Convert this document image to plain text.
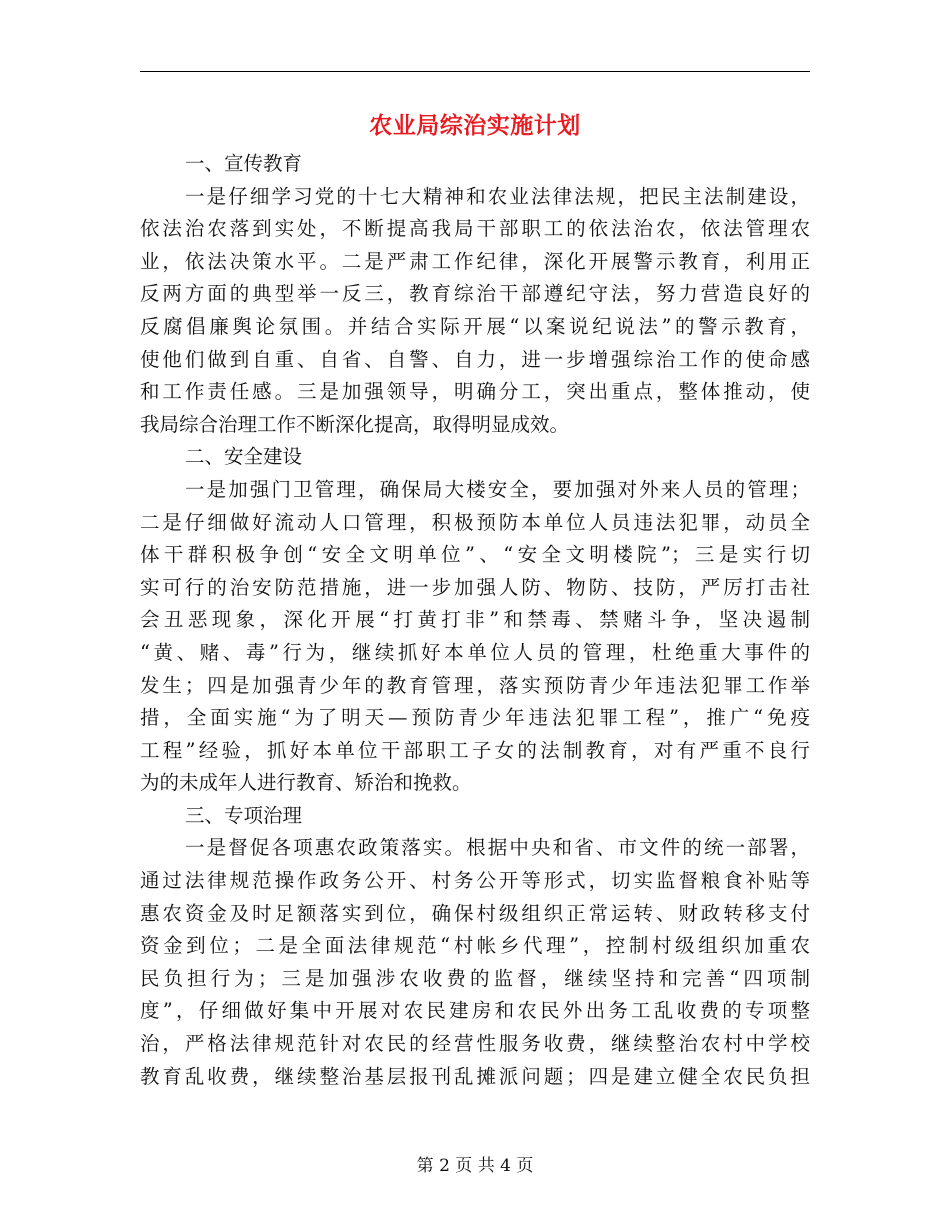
农业局综治实施计划
一、宣传教育
一是仔细学习党的十七大精神和农业法律法规，把民主法制建设，
依法治农落到实处，不断提高我局干部职工的依法治农，依法管理农
业，依法决策水平。二是严肃工作纪律，深化开展警示教育，利用正
反两方面的典型举一反三，教育综治干部遵纪守法，努力营造良好的
反腐倡廉舆论氛围。并结合实际开展“以案说纪说法”的警示教育，
使他们做到自重、自省、自警、自力，进一步增强综治工作的使命感
和工作责任感。三是加强领导，明确分工，突出重点，整体推动，使
我局综合治理工作不断深化提高，取得明显成效。
二、安全建设
一是加强门卫管理，确保局大楼安全，要加强对外来人员的管理；
二是仔细做好流动人口管理，积极预防本单位人员违法犯罪，动员全
体干群积极争创“安全文明单位”、“安全文明楼院”；三是实行切
实可行的治安防范措施，进一步加强人防、物防、技防，严厉打击社
会丑恶现象，深化开展“打黄打非”和禁毒、禁赌斗争，坚决遏制
“黄、赌、毒”行为，继续抓好本单位人员的管理，杜绝重大事件的
发生；四是加强青少年的教育管理，落实预防青少年违法犯罪工作举
措，全面实施“为了明天—预防青少年违法犯罪工程”，推广“免疫
工程”经验，抓好本单位干部职工子女的法制教育，对有严重不良行
为的未成年人进行教育、矫治和挽救。
三、专项治理
一是督促各项惠农政策落实。根据中央和省、市文件的统一部署，
通过法律规范操作政务公开、村务公开等形式，切实监督粮食补贴等
惠农资金及时足额落实到位，确保村级组织正常运转、财政转移支付
资金到位；二是全面法律规范“村帐乡代理”，控制村级组织加重农
民负担行为；三是加强涉农收费的监督，继续坚持和完善“四项制
度”，仔细做好集中开展对农民建房和农民外出务工乱收费的专项整
治，严格法律规范针对农民的经营性服务收费，继续整治农村中学校
教育乱收费，继续整治基层报刊乱摊派问题；四是建立健全农民负担
第 2 页 共 4 页
